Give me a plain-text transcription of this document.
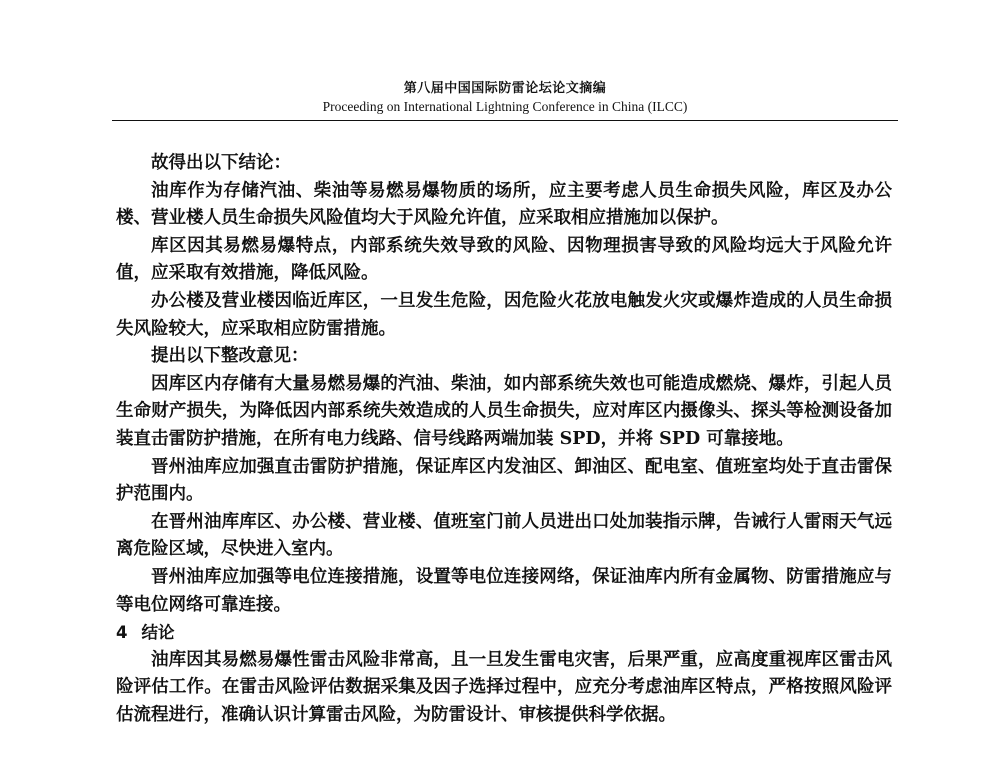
第八届中国国际防雷论坛论文摘编
Proceeding on International Lightning Conference in China (ILCC)

故得出以下结论：

油库作为存储汽油、柴油等易燃易爆物质的场所，应主要考虑人员生命损失风险，库区及办公楼、营业楼人员生命损失风险值均大于风险允许值，应采取相应措施加以保护。

库区因其易燃易爆特点，内部系统失效导致的风险、因物理损害导致的风险均远大于风险允许值，应采取有效措施，降低风险。

办公楼及营业楼因临近库区，一旦发生危险，因危险火花放电触发火灾或爆炸造成的人员生命损失风险较大，应采取相应防雷措施。

提出以下整改意见：

因库区内存储有大量易燃易爆的汽油、柴油，如内部系统失效也可能造成燃烧、爆炸，引起人员生命财产损失，为降低因内部系统失效造成的人员生命损失，应对库区内摄像头、探头等检测设备加装直击雷防护措施，在所有电力线路、信号线路两端加装 SPD，并将 SPD 可靠接地。

晋州油库应加强直击雷防护措施，保证库区内发油区、卸油区、配电室、值班室均处于直击雷保护范围内。

在晋州油库库区、办公楼、营业楼、值班室门前人员进出口处加装指示牌，告诫行人雷雨天气远离危险区域，尽快进入室内。

晋州油库应加强等电位连接措施，设置等电位连接网络，保证油库内所有金属物、防雷措施应与等电位网络可靠连接。

4 结论

油库因其易燃易爆性雷击风险非常高，且一旦发生雷电灾害，后果严重，应高度重视库区雷击风险评估工作。在雷击风险评估数据采集及因子选择过程中，应充分考虑油库区特点，严格按照风险评估流程进行，准确认识计算雷击风险，为防雷设计、审核提供科学依据。
